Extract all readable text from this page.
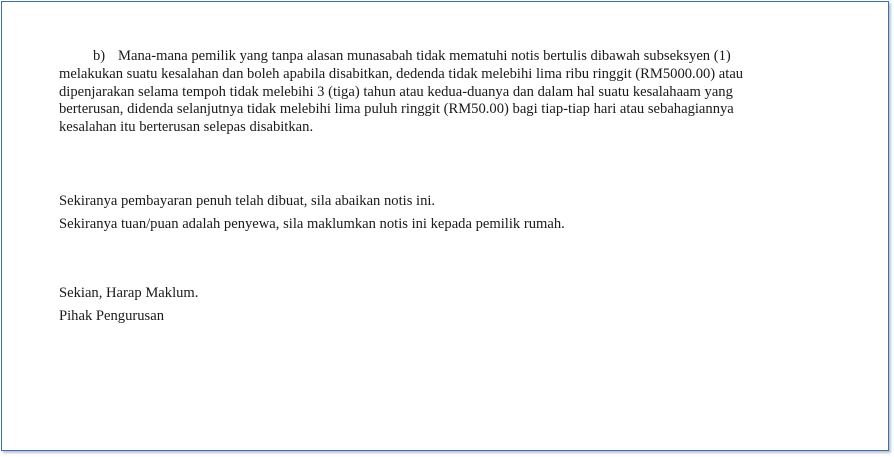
b) Mana-mana pemilik yang tanpa alasan munasabah tidak mematuhi notis bertulis dibawah subseksyen (1)
melakukan suatu kesalahan dan boleh apabila disabitkan, dedenda tidak melebihi lima ribu ringgit (RM5000.00) atau
dipenjarakan selama tempoh tidak melebihi 3 (tiga) tahun atau kedua-duanya dan dalam hal suatu kesalahaam yang
berterusan, didenda selanjutnya tidak melebihi lima puluh ringgit (RM50.00) bagi tiap-tiap hari atau sebahagiannya
kesalahan itu berterusan selepas disabitkan.

Sekiranya pembayaran penuh telah dibuat, sila abaikan notis ini.

Sekiranya tuan/puan adalah penyewa, sila maklumkan notis ini kepada pemilik rumah.

Sekian, Harap Maklum.

Pihak Pengurusan
